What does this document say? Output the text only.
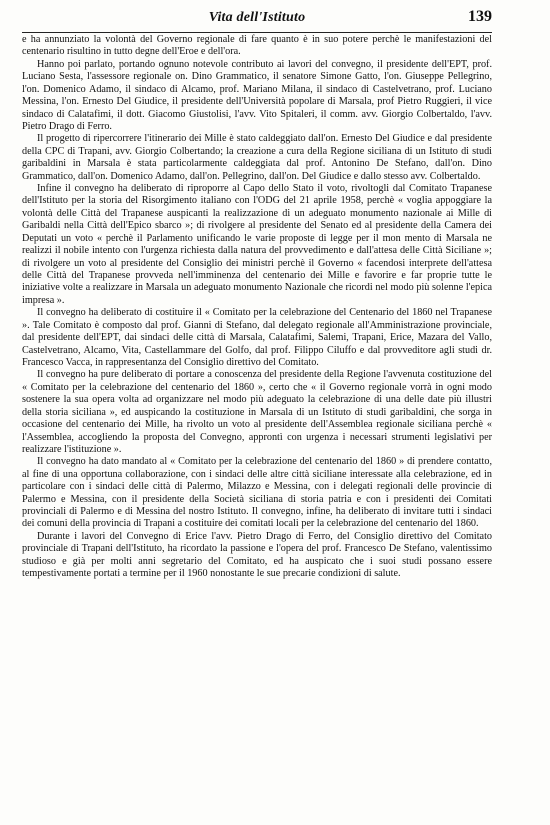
Vita dell'Istituto	139

e ha annunziato la volontà del Governo regionale di fare quanto è in suo potere perchè le manifestazioni del centenario risultino in tutto degne dell'Eroe e dell'ora.

Hanno poi parlato, portando ognuno notevole contributo ai lavori del convegno, il presidente dell'EPT, prof. Luciano Sesta, l'assessore regionale on. Dino Grammatico, il senatore Simone Gatto, l'on. Giuseppe Pellegrino, l'on. Domenico Adamo, il sindaco di Alcamo, prof. Mariano Milana, il sindaco di Castelvetrano, prof. Luciano Messina, l'on. Ernesto Del Giudice, il presidente dell'Università popolare di Marsala, prof Pietro Ruggieri, il vice sindaco di Calatafimi, il dott. Giacomo Giustolisi, l'avv. Vito Spitaleri, il comm. avv. Giorgio Colbertaldo, l'avv. Pietro Drago di Ferro.

Il progetto di ripercorrere l'itinerario dei Mille è stato caldeggiato dall'on. Ernesto Del Giudice e dal presidente della CPC di Trapani, avv. Giorgio Colbertando; la creazione a cura della Regione siciliana di un Istituto di studi garibaldini in Marsala è stata particolarmente caldeggiata dal prof. Antonino De Stefano, dall'on. Dino Grammatico, dall'on. Domenico Adamo, dall'on. Pellegrino, dall'on. Del Giudice e dallo stesso avv. Colbertaldo.

Infine il convegno ha deliberato di riproporre al Capo dello Stato il voto, rivoltogli dal Comitato Trapanese dell'Istituto per la storia del Risorgimento italiano con l'ODG del 21 aprile 1958, perchè « voglia appoggiare la volontà delle Città del Trapanese auspicanti la realizzazione di un adeguato monumento nazionale ai Mille di Garibaldi nella Città dell'Epico sbarco »; di rivolgere al presidente del Senato ed al presidente della Camera dei Deputati un voto « perchè il Parlamento unificando le varie proposte di legge per il mon mento di Marsala ne realizzi il nobile intento con l'urgenza richiesta dalla natura del provvedimento e dall'attesa delle Città Siciliane »; di rivolgere un voto al presidente del Consiglio dei ministri perchè il Governo « facendosi interprete dell'attesa delle Città del Trapanese provveda nell'imminenza del centenario dei Mille e favorire e far proprie tutte le iniziative volte a realizzare in Marsala un adeguato monumento Nazionale che ricordi nel modo più solenne l'epica impresa ».

Il convegno ha deliberato di costituire il « Comitato per la celebrazione del Centenario del 1860 nel Trapanese ». Tale Comitato è composto dal prof. Gianni di Stefano, dal delegato regionale all'Amministrazione provinciale, dal presidente dell'EPT, dai sindaci delle città di Marsala, Calatafimi, Salemi, Trapani, Erice, Mazara del Vallo, Castelvetrano, Alcamo, Vita, Castellammare del Golfo, dal prof. Filippo Ciluffo e dal provveditore agli studi dr. Francesco Vacca, in rappresentanza del Consiglio direttivo del Comitato.

Il convegno ha pure deliberato di portare a conoscenza del presidente della Regione l'avvenuta costituzione del « Comitato per la celebrazione del centenario del 1860 », certo che « il Governo regionale vorrà in ogni modo sostenere la sua opera volta ad organizzare nel modo più adeguato la celebrazione di una delle date più illustri della storia siciliana », ed auspicando la costituzione in Marsala di un Istituto di studi garibaldini, che sorga in occasione del centenario dei Mille, ha rivolto un voto al presidente dell'Assemblea regionale siciliana perchè « l'Assemblea, accogliendo la proposta del Convegno, approntì con urgenza i necessari strumenti legislativi per realizzare l'istituzione ».

Il convegno ha dato mandato al « Comitato per la celebrazione del centenario del 1860 » di prendere contatto, al fine di una opportuna collaborazione, con i sindaci delle altre città siciliane interessate alla celebrazione, ed in particolare con i sindaci delle città di Palermo, Milazzo e Messina, con i delegati regionali delle provincie di Palermo e Messina, con il presidente della Società siciliana di storia patria e con i presidenti dei Comitati provinciali di Palermo e di Messina del nostro Istituto. Il convegno, infine, ha deliberato di invitare tutti i sindaci dei comuni della provincia di Trapani a costituire dei comitati locali per la celebrazione del centenario del 1860.

Durante i lavori del Convegno di Erice l'avv. Pietro Drago di Ferro, del Consiglio direttivo del Comitato provinciale di Trapani dell'Istituto, ha ricordato la passione e l'opera del prof. Francesco De Stefano, valentissimo studioso e già per molti anni segretario del Comitato, ed ha auspicato che i suoi studi possano essere tempestivamente portati a termine per il 1960 nonostante le sue precarie condizioni di salute.
